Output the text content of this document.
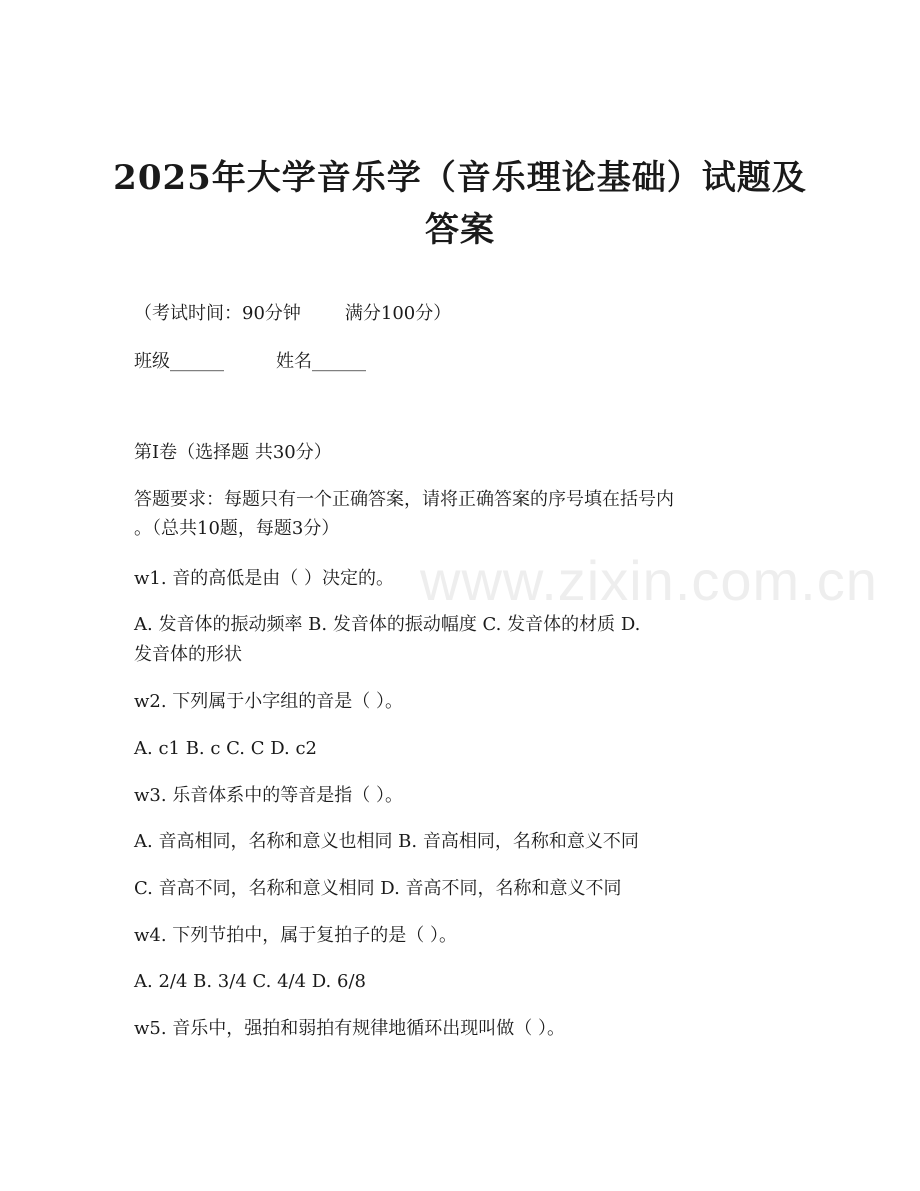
2025年大学音乐学（音乐理论基础）试题及
答案
（考试时间：90分钟 满分100分）
班级______	姓名______
第I卷（选择题 共30分）
答题要求：每题只有一个正确答案，请将正确答案的序号填在括号内
。（总共10题，每题3分）
w1. 音的高低是由（ ）决定的。
A. 发音体的振动频率 B. 发音体的振动幅度 C. 发音体的材质 D.
发音体的形状
w2. 下列属于小字组的音是（ ）。
A. c1 B. c C. C D. c2
w3. 乐音体系中的等音是指（ ）。
A. 音高相同，名称和意义也相同 B. 音高相同，名称和意义不同
C. 音高不同，名称和意义相同 D. 音高不同，名称和意义不同
w4. 下列节拍中，属于复拍子的是（ ）。
A. 2/4 B. 3/4 C. 4/4 D. 6/8
w5. 音乐中，强拍和弱拍有规律地循环出现叫做（ ）。
www.zixin.com.cn
